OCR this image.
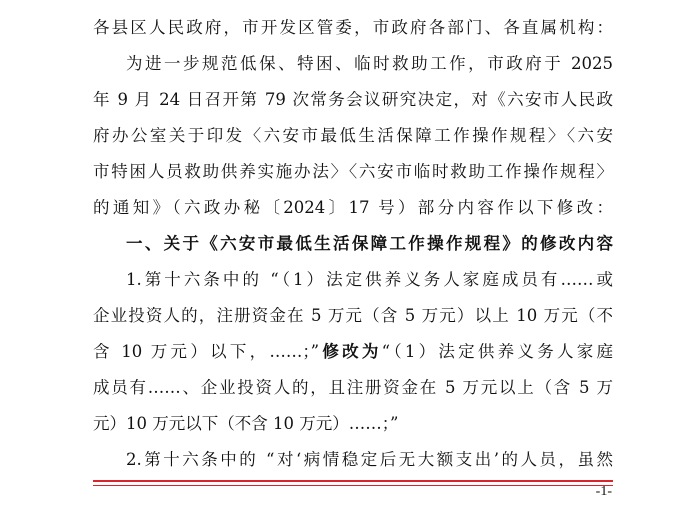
各县区人民政府，市开发区管委，市政府各部门、各直属机构：
为进一步规范低保、特困、临时救助工作，市政府于 2025
年 9 月 24 日召开第 79 次常务会议研究决定，对《六安市人民政
府办公室关于印发〈六安市最低生活保障工作操作规程〉〈六安
市特困人员救助供养实施办法〉〈六安市临时救助工作操作规程〉
的通知》（六政办秘〔2024〕17 号）部分内容作以下修改：
一、关于《六安市最低生活保障工作操作规程》的修改内容
1.第十六条中的 “（1）法定供养义务人家庭成员有……或
企业投资人的，注册资金在 5 万元（含 5 万元）以上 10 万元（不
含 10 万元）以下，……；”修改为“（1）法定供养义务人家庭
成员有……、企业投资人的，且注册资金在 5 万元以上（含 5 万
元）10 万元以下（不含 10 万元）……；”
-1-
2.第十六条中的 “对‘病情稳定后无大额支出’的人员，虽然
